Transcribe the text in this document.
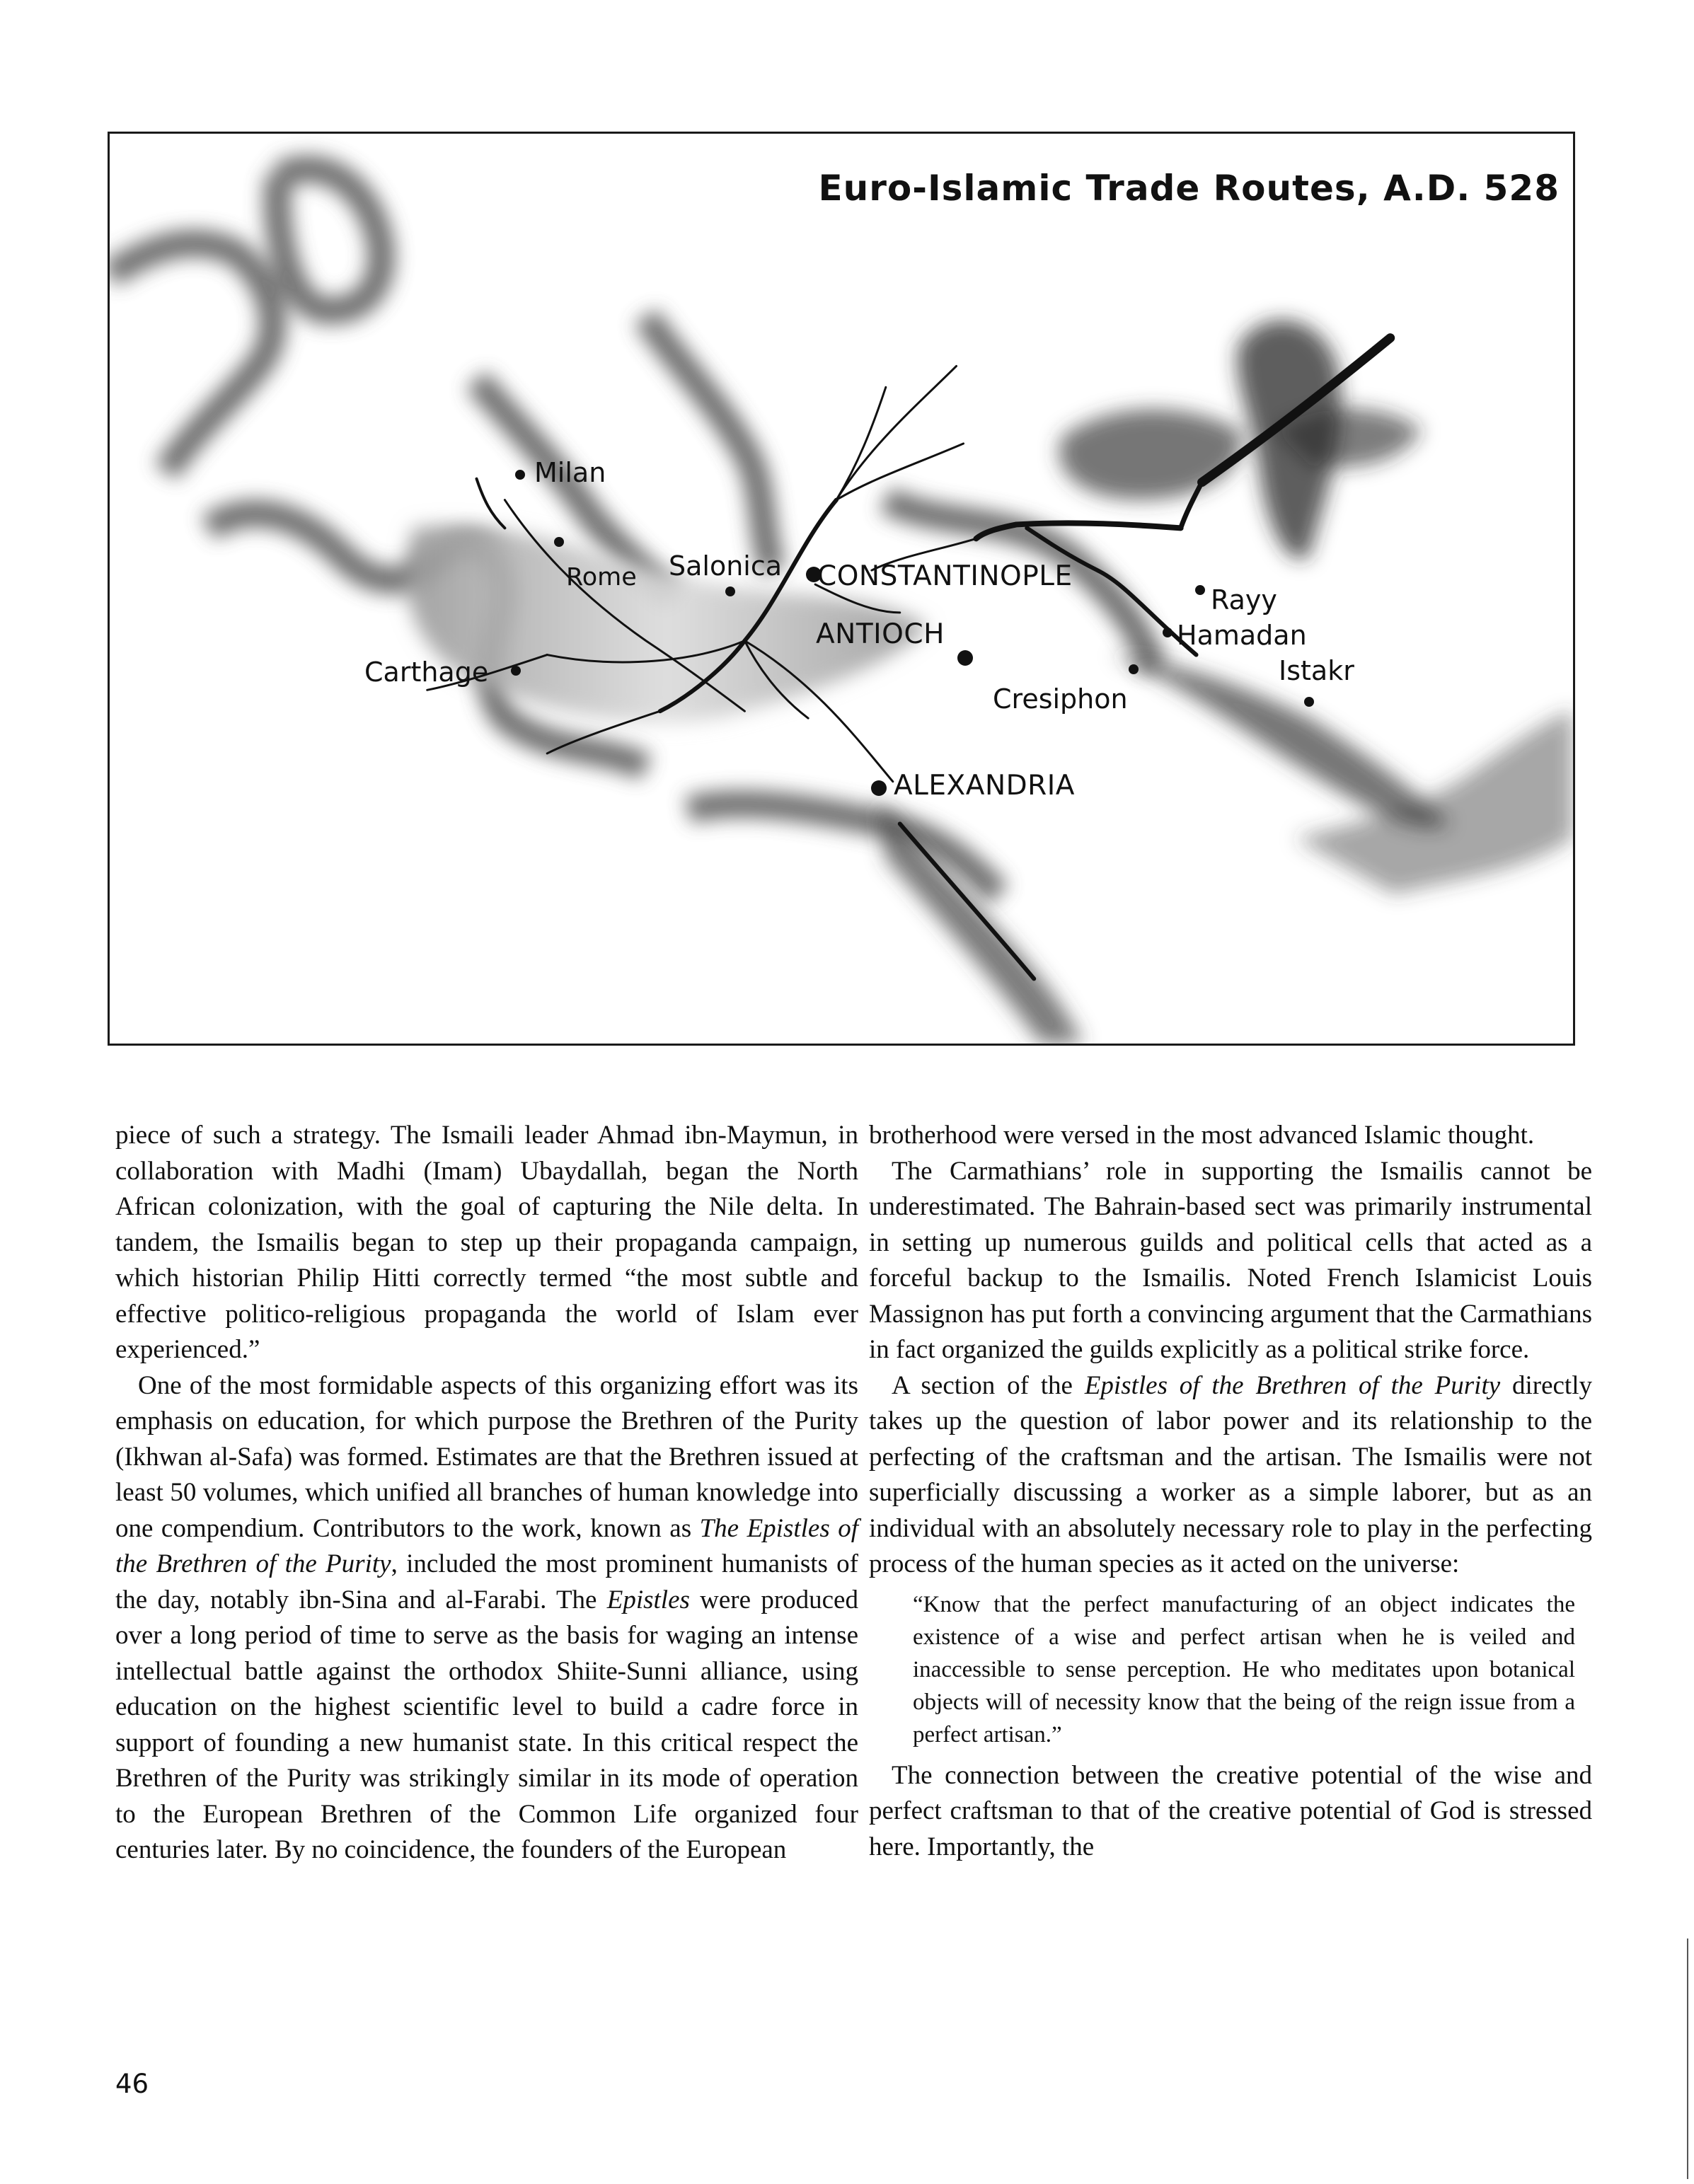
Euro-Islamic Trade Routes, A.D. 528
Milan
Rome Salonica CONSTANTINOPLE
ANTIOCH
Carthage
Cresiphon
Rayy
Hamadan
Istakr
ALEXANDRIA

piece of such a strategy. The Ismaili leader Ahmad ibn-Maymun, in collaboration with Madhi (Imam) Ubaydallah, began the North African colonization, with the goal of capturing the Nile delta. In tandem, the Ismailis began to step up their propaganda campaign, which historian Philip Hitti correctly termed “the most subtle and effective politico-religious propaganda the world of Islam ever experienced.”

One of the most formidable aspects of this organizing effort was its emphasis on education, for which purpose the Brethren of the Purity (Ikhwan al-Safa) was formed. Estimates are that the Brethren issued at least 50 volumes, which unified all branches of human knowledge into one compendium. Contributors to the work, known as The Epistles of the Brethren of the Purity, included the most prominent humanists of the day, notably ibn-Sina and al-Farabi. The Epistles were produced over a long period of time to serve as the basis for waging an intense intellectual battle against the orthodox Shiite-Sunni alliance, using education on the highest scientific level to build a cadre force in support of founding a new humanist state. In this critical respect the Brethren of the Purity was strikingly similar in its mode of operation to the European Brethren of the Common Life organized four centuries later. By no coincidence, the founders of the European

brotherhood were versed in the most advanced Islamic thought.

The Carmathians’ role in supporting the Ismailis cannot be underestimated. The Bahrain-based sect was primarily instrumental in setting up numerous guilds and political cells that acted as a forceful backup to the Ismailis. Noted French Islamicist Louis Massignon has put forth a convincing argument that the Carmathians in fact organized the guilds explicitly as a political strike force.

A section of the Epistles of the Brethren of the Purity directly takes up the question of labor power and its relationship to the perfecting of the craftsman and the artisan. The Ismailis were not superficially discussing a worker as a simple laborer, but as an individual with an absolutely necessary role to play in the perfecting process of the human species as it acted on the universe:

“Know that the perfect manufacturing of an object indicates the existence of a wise and perfect artisan when he is veiled and inaccessible to sense perception. He who meditates upon botanical objects will of necessity know that the being of the reign issue from a perfect artisan.”

The connection between the creative potential of the wise and perfect craftsman to that of the creative potential of God is stressed here. Importantly, the

46
